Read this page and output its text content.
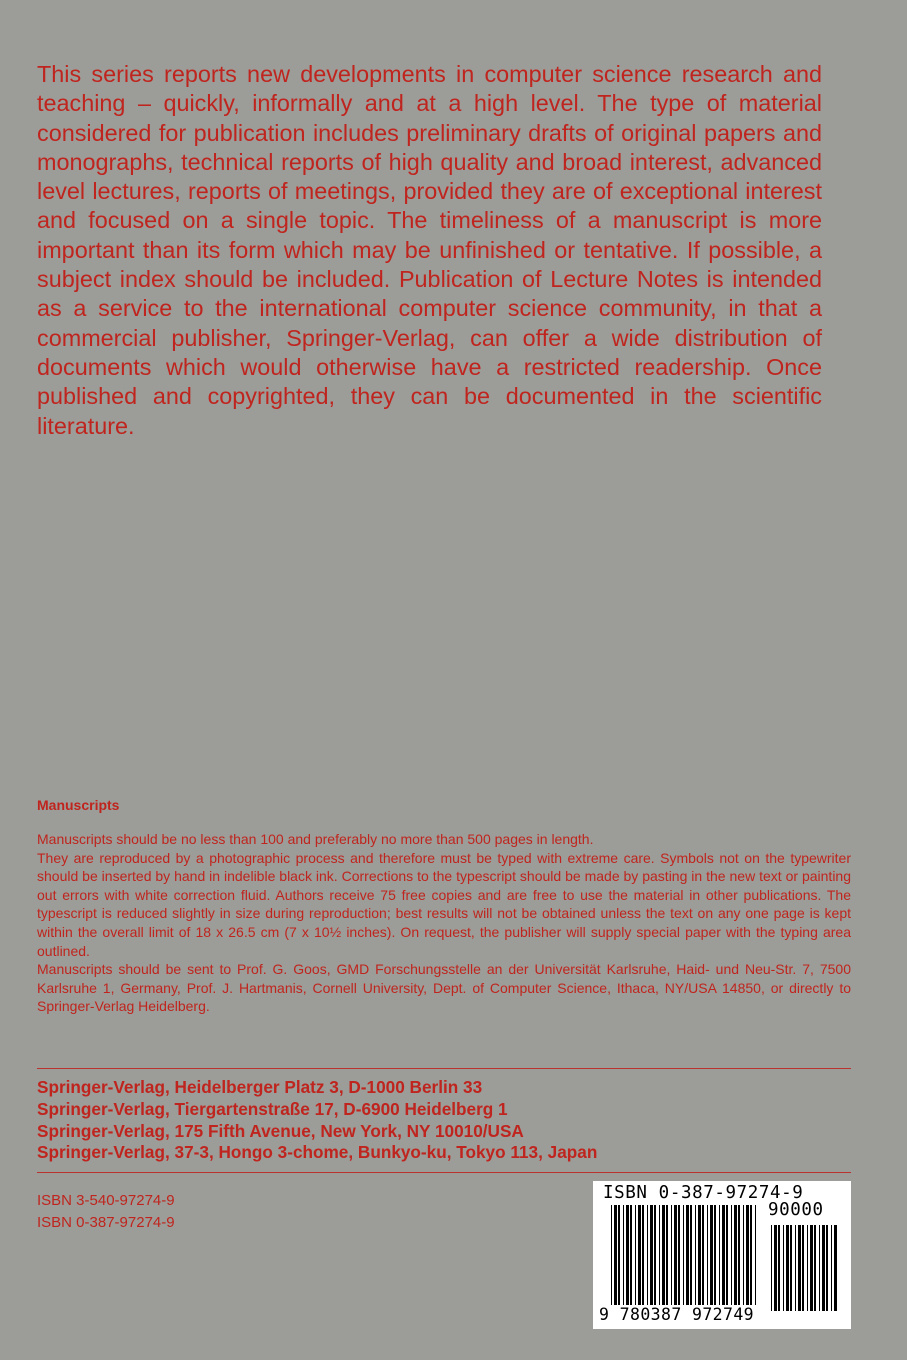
This series reports new developments in computer science research and teaching – quickly, informally and at a high level. The type of material considered for publication includes preliminary drafts of original papers and monographs, technical reports of high quality and broad interest, advanced level lectures, reports of meetings, provided they are of exceptional interest and focused on a single topic. The timeliness of a manuscript is more important than its form which may be unfinished or tentative. If possible, a subject index should be included. Publication of Lecture Notes is intended as a service to the international computer science community, in that a commercial publisher, Springer-Verlag, can offer a wide distribution of documents which would otherwise have a restricted readership. Once published and copyrighted, they can be documented in the scientific literature.

Manuscripts

Manuscripts should be no less than 100 and preferably no more than 500 pages in length.

They are reproduced by a photographic process and therefore must be typed with extreme care. Symbols not on the typewriter should be inserted by hand in indelible black ink. Corrections to the typescript should be made by pasting in the new text or painting out errors with white correction fluid. Authors receive 75 free copies and are free to use the material in other publications. The typescript is reduced slightly in size during reproduction; best results will not be obtained unless the text on any one page is kept within the overall limit of 18 x 26.5 cm (7 x 10½ inches). On request, the publisher will supply special paper with the typing area outlined.

Manuscripts should be sent to Prof. G. Goos, GMD Forschungsstelle an der Universität Karlsruhe, Haid- und Neu-Str. 7, 7500 Karlsruhe 1, Germany, Prof. J. Hartmanis, Cornell University, Dept. of Computer Science, Ithaca, NY/USA 14850, or directly to Springer-Verlag Heidelberg.

Springer-Verlag, Heidelberger Platz 3, D-1000 Berlin 33
Springer-Verlag, Tiergartenstraße 17, D-6900 Heidelberg 1
Springer-Verlag, 175 Fifth Avenue, New York, NY 10010/USA
Springer-Verlag, 37-3, Hongo 3-chome, Bunkyo-ku, Tokyo 113, Japan
ISBN 3-540-97274-9
ISBN 0-387-97274-9
ISBN 0-387-97274-9
90000
9 780387 972749
